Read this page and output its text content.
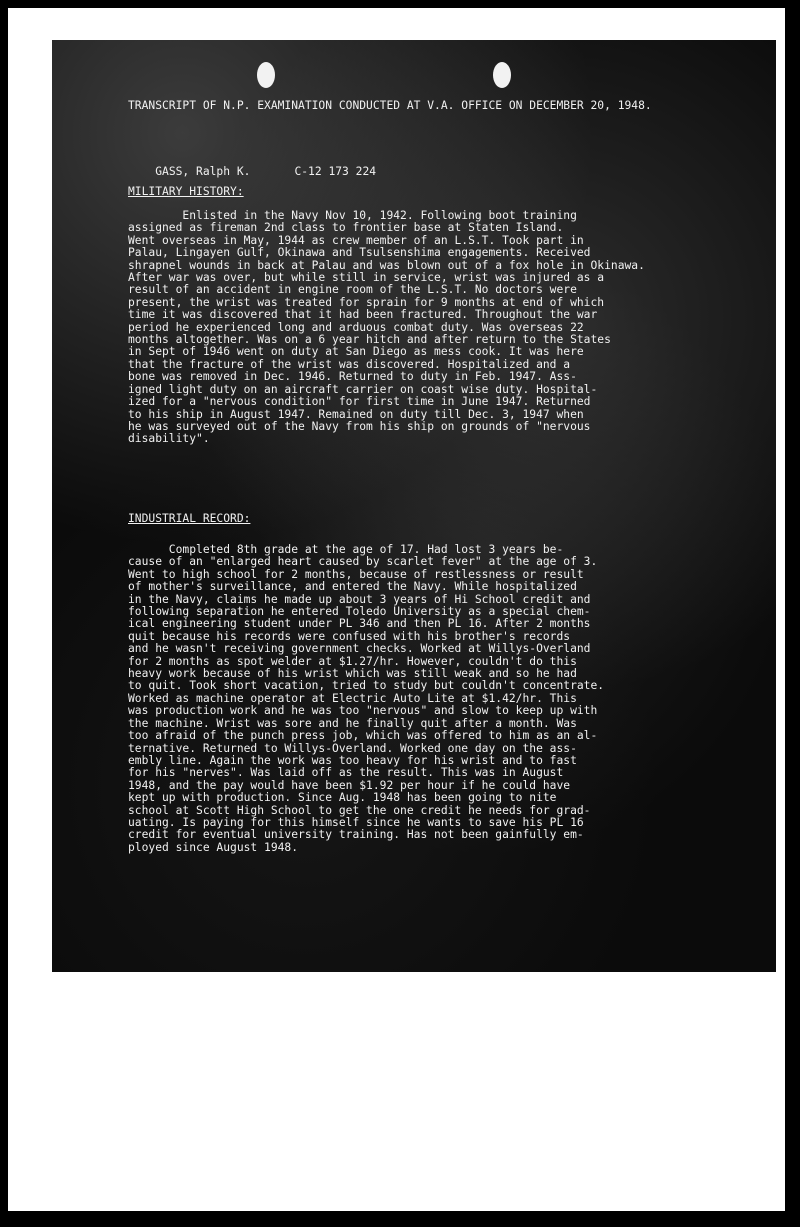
TRANSCRIPT OF N.P. EXAMINATION CONDUCTED AT V.A. OFFICE ON DECEMBER 20, 1948.

GASS, Ralph K.	C-12 173 224

MILITARY HISTORY:

Enlisted in the Navy Nov 10, 1942. Following boot training

assigned as fireman 2nd class to frontier base at Staten Island.

Went overseas in May, 1944 as crew member of an L.S.T. Took part in

Palau, Lingayen Gulf, Okinawa and Tsulsenshima engagements. Received

shrapnel wounds in back at Palau and was blown out of a fox hole in Okinawa.

After war was over, but while still in service, wrist was injured as a

result of an accident in engine room of the L.S.T. No doctors were

present, the wrist was treated for sprain for 9 months at end of which

time it was discovered that it had been fractured. Throughout the war

period he experienced long and arduous combat duty. Was overseas 22

months altogether. Was on a 6 year hitch and after return to the States

in Sept of 1946 went on duty at San Diego as mess cook. It was here

that the fracture of the wrist was discovered. Hospitalized and a

bone was removed in Dec. 1946. Returned to duty in Feb. 1947. Ass-

igned light duty on an aircraft carrier on coast wise duty. Hospital-

ized for a "nervous condition" for first time in June 1947. Returned

to his ship in August 1947. Remained on duty till Dec. 3, 1947 when

he was surveyed out of the Navy from his ship on grounds of "nervous

disability".

INDUSTRIAL RECORD:

Completed 8th grade at the age of 17. Had lost 3 years be-

cause of an "enlarged heart caused by scarlet fever" at the age of 3.

Went to high school for 2 months, because of restlessness or result

of mother's surveillance, and entered the Navy. While hospitalized

in the Navy, claims he made up about 3 years of Hi School credit and

following separation he entered Toledo University as a special chem-

ical engineering student under PL 346 and then PL 16. After 2 months

quit because his records were confused with his brother's records

and he wasn't receiving government checks. Worked at Willys-Overland

for 2 months as spot welder at $1.27/hr. However, couldn't do this

heavy work because of his wrist which was still weak and so he had

to quit. Took short vacation, tried to study but couldn't concentrate.

Worked as machine operator at Electric Auto Lite at $1.42/hr. This

was production work and he was too "nervous" and slow to keep up with

the machine. Wrist was sore and he finally quit after a month. Was

too afraid of the punch press job, which was offered to him as an al-

ternative. Returned to Willys-Overland. Worked one day on the ass-

embly line. Again the work was too heavy for his wrist and to fast

for his "nerves". Was laid off as the result. This was in August

1948, and the pay would have been $1.92 per hour if he could have

kept up with production. Since Aug. 1948 has been going to nite

school at Scott High School to get the one credit he needs for grad-

uating. Is paying for this himself since he wants to save his PL 16

credit for eventual university training. Has not been gainfully em-

ployed since August 1948.
